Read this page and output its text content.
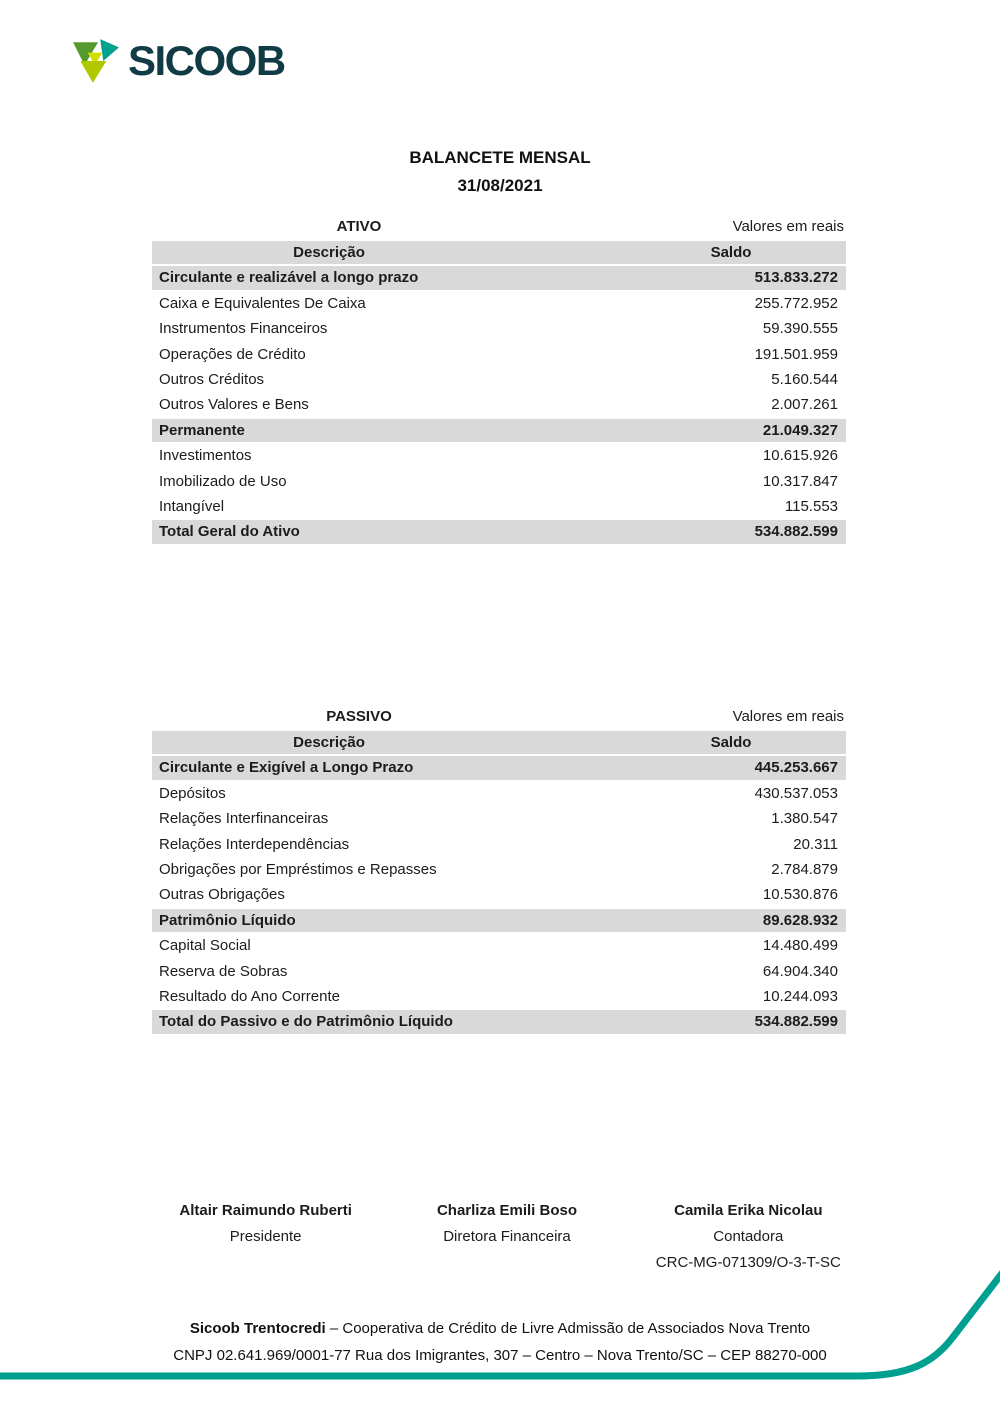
SICOOB
BALANCETE MENSAL
31/08/2021
ATIVO	Valores em reais
Descrição	Saldo
Circulante e realizável a longo prazo	513.833.272
Caixa e Equivalentes De Caixa	255.772.952
Instrumentos Financeiros	59.390.555
Operações de Crédito	191.501.959
Outros Créditos	5.160.544
Outros Valores e Bens	2.007.261
Permanente	21.049.327
Investimentos	10.615.926
Imobilizado de Uso	10.317.847
Intangível	115.553
Total Geral do Ativo	534.882.599
PASSIVO	Valores em reais
Descrição	Saldo
Circulante e Exigível a Longo Prazo	445.253.667
Depósitos	430.537.053
Relações Interfinanceiras	1.380.547
Relações Interdependências	20.311
Obrigações por Empréstimos e Repasses	2.784.879
Outras Obrigações	10.530.876
Patrimônio Líquido	89.628.932
Capital Social	14.480.499
Reserva de Sobras	64.904.340
Resultado do Ano Corrente	10.244.093
Total do Passivo e do Patrimônio Líquido	534.882.599
Altair Raimundo Ruberti
Presidente
Charliza Emili Boso
Diretora Financeira
Camila Erika Nicolau
Contadora
CRC-MG-071309/O-3-T-SC
Sicoob Trentocredi – Cooperativa de Crédito de Livre Admissão de Associados Nova Trento
CNPJ 02.641.969/0001-77 Rua dos Imigrantes, 307 – Centro – Nova Trento/SC – CEP 88270-000
